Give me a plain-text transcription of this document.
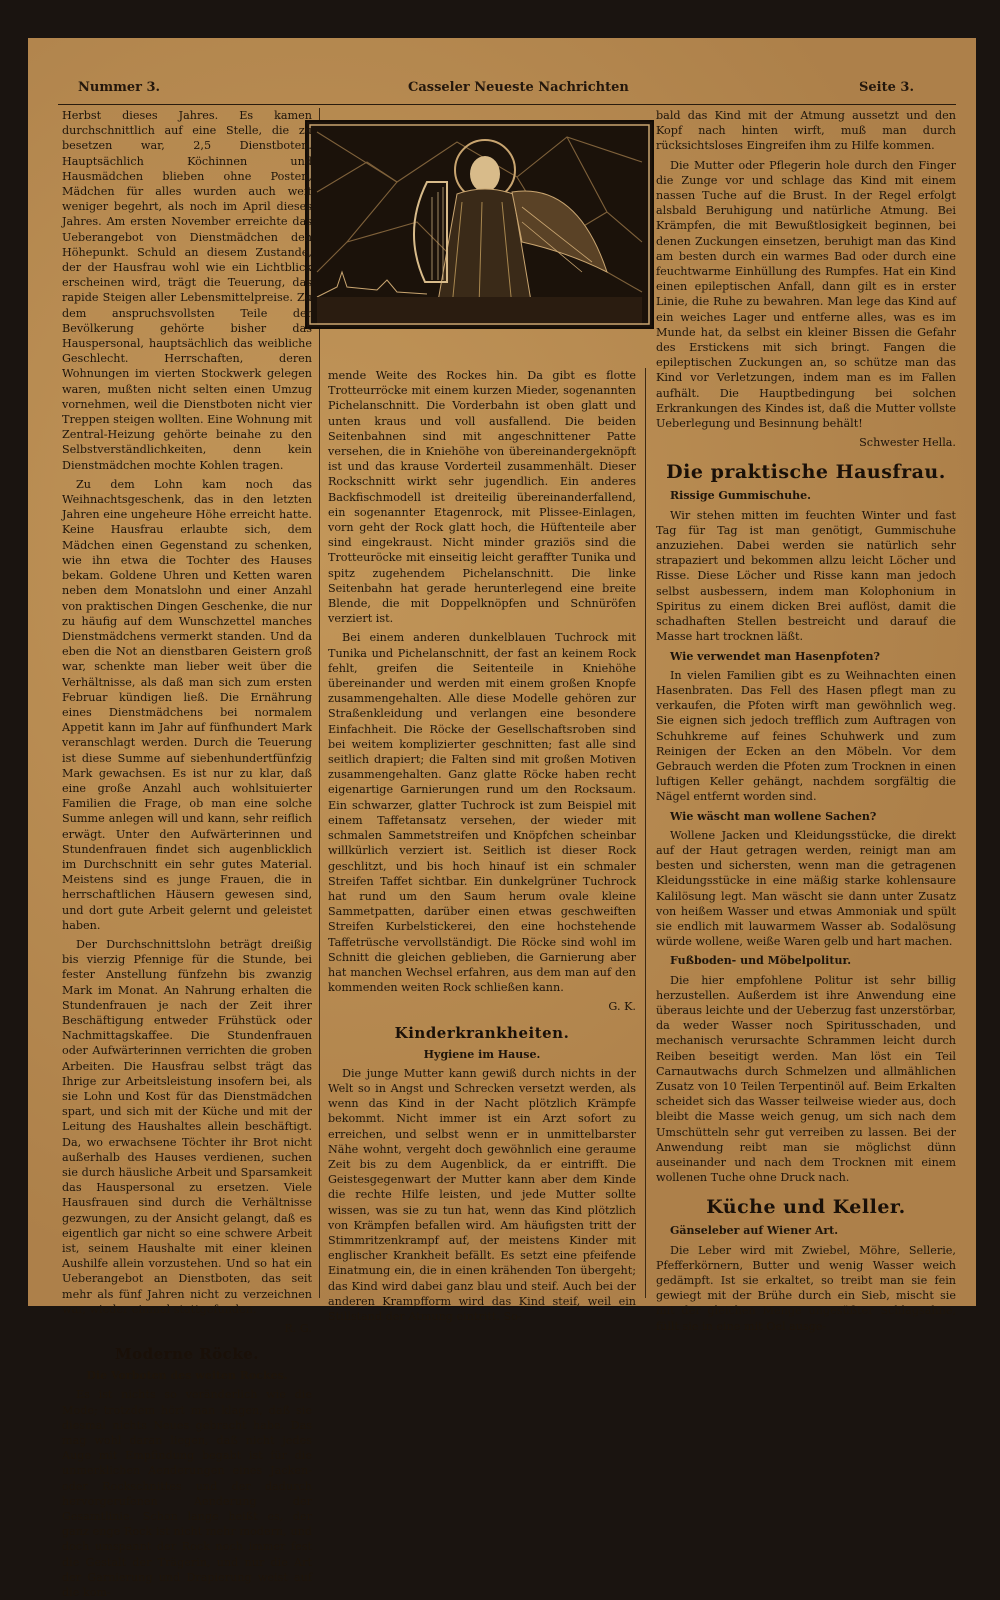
Nummer 3.	Casseler Neueste Nachrichten	Seite 3.

Herbst dieses Jahres. Es kamen durchschnittlich auf eine Stelle, die zu besetzen war, 2,5 Dienstboten. Hauptsächlich Köchinnen und Hausmädchen blieben ohne Posten, Mädchen für alles wurden auch weit weniger begehrt, als noch im April dieses Jahres. Am ersten November erreichte das Ueberangebot von Dienstmädchen den Höhepunkt. Schuld an diesem Zustande, der der Hausfrau wohl wie ein Lichtblick erscheinen wird, trägt die Teuerung, das rapide Steigen aller Lebensmittelpreise. Zu dem anspruchsvollsten Teile der Bevölkerung gehörte bisher das Hauspersonal, hauptsächlich das weibliche Geschlecht. Herrschaften, deren Wohnungen im vierten Stockwerk gelegen waren, mußten nicht selten einen Umzug vornehmen, weil die Dienstboten nicht vier Treppen steigen wollten. Eine Wohnung mit Zentral-Heizung gehörte beinahe zu den Selbstverständlichkeiten, denn kein Dienstmädchen mochte Kohlen tragen.

Zu dem Lohn kam noch das Weihnachtsgeschenk, das in den letzten Jahren eine ungeheure Höhe erreicht hatte. Keine Hausfrau erlaubte sich, dem Mädchen einen Gegenstand zu schenken, wie ihn etwa die Tochter des Hauses bekam. Goldene Uhren und Ketten waren neben dem Monatslohn und einer Anzahl von praktischen Dingen Geschenke, die nur zu häufig auf dem Wunschzettel manches Dienstmädchens vermerkt standen. Und da eben die Not an dienstbaren Geistern groß war, schenkte man lieber weit über die Verhältnisse, als daß man sich zum ersten Februar kündigen ließ. Die Ernährung eines Dienstmädchens bei normalem Appetit kann im Jahr auf fünfhundert Mark veranschlagt werden. Durch die Teuerung ist diese Summe auf siebenhundertfünfzig Mark gewachsen. Es ist nur zu klar, daß eine große Anzahl auch wohlsituierter Familien die Frage, ob man eine solche Summe anlegen will und kann, sehr reiflich erwägt. Unter den Aufwärterinnen und Stundenfrauen findet sich augenblicklich im Durchschnitt ein sehr gutes Material. Meistens sind es junge Frauen, die in herrschaftlichen Häusern gewesen sind, und dort gute Arbeit gelernt und geleistet haben.

Der Durchschnittslohn beträgt dreißig bis vierzig Pfennige für die Stunde, bei fester Anstellung fünfzehn bis zwanzig Mark im Monat. An Nahrung erhalten die Stundenfrauen je nach der Zeit ihrer Beschäftigung entweder Frühstück oder Nachmittagskaffee. Die Stundenfrauen oder Aufwärterinnen verrichten die groben Arbeiten. Die Hausfrau selbst trägt das Ihrige zur Arbeitsleistung insofern bei, als sie Lohn und Kost für das Dienstmädchen spart, und sich mit der Küche und mit der Leitung des Haushaltes allein beschäftigt. Da, wo erwachsene Töchter ihr Brot nicht außerhalb des Hauses verdienen, suchen sie durch häusliche Arbeit und Sparsamkeit das Hauspersonal zu ersetzen. Viele Hausfrauen sind durch die Verhältnisse gezwungen, zu der Ansicht gelangt, daß es eigentlich gar nicht so eine schwere Arbeit ist, seinem Haushalte mit einer kleinen Aushilfe allein vorzustehen. Und so hat ein Ueberangebot an Dienstboten, das seit mehr als fünf Jahren nicht zu verzeichnen war, wieder einmal stattgefunden.

R. G.

Moderne Röcke.
Die Vorboten des weiten Rockes.

Es ist nichts so veränderlich wie die Mode; trotzdem hört man klagen, daß sie diesmal nichts Neues gebracht habe. Das mag wohl daran liegen, daß nicht jedes Auge mit Empfindung begabt ist für die unmerklichen Aenderungen eines Jacken- oder Rockschnittes und der dadurch hervorgerufenen Aenderung der Gesamtlinie. Schon lange heißt es, der ganz enge Rock ist nicht mehr modern, und doch umspannt der Rock noch immer fest die Gestalt der Trägerin, und nur die Art der Garnierung und Drapierung weist auf die kom-

mende Weite des Rockes hin. Da gibt es flotte Trotteurröcke mit einem kurzen Mieder, sogenannten Pichelanschnitt. Die Vorderbahn ist oben glatt und unten kraus und voll ausfallend. Die beiden Seitenbahnen sind mit angeschnittener Patte versehen, die in Kniehöhe von übereinandergeknöpft ist und das krause Vorderteil zusammenhält. Dieser Rockschnitt wirkt sehr jugendlich. Ein anderes Backfischmodell ist dreiteilig übereinanderfallend, ein sogenannter Etagenrock, mit Plissee-Einlagen, vorn geht der Rock glatt hoch, die Hüftenteile aber sind eingekraust. Nicht minder graziös sind die Trotteuröcke mit einseitig leicht geraffter Tunika und spitz zugehendem Pichelanschnitt. Die linke Seitenbahn hat gerade herunterlegend eine breite Blende, die mit Doppelknöpfen und Schnüröfen verziert ist.

Bei einem anderen dunkelblauen Tuchrock mit Tunika und Pichelanschnitt, der fast an keinem Rock fehlt, greifen die Seitenteile in Kniehöhe übereinander und werden mit einem großen Knopfe zusammengehalten. Alle diese Modelle gehören zur Straßenkleidung und verlangen eine besondere Einfachheit. Die Röcke der Gesellschaftsroben sind bei weitem komplizierter geschnitten; fast alle sind seitlich drapiert; die Falten sind mit großen Motiven zusammengehalten. Ganz glatte Röcke haben recht eigenartige Garnierungen rund um den Rocksaum. Ein schwarzer, glatter Tuchrock ist zum Beispiel mit einem Taffetansatz versehen, der wieder mit schmalen Sammetstreifen und Knöpfchen scheinbar willkürlich verziert ist. Seitlich ist dieser Rock geschlitzt, und bis hoch hinauf ist ein schmaler Streifen Taffet sichtbar. Ein dunkelgrüner Tuchrock hat rund um den Saum herum ovale kleine Sammetpatten, darüber einen etwas geschweiften Streifen Kurbelstickerei, den eine hochstehende Taffetrüsche vervollständigt. Die Röcke sind wohl im Schnitt die gleichen geblieben, die Garnierung aber hat manchen Wechsel erfahren, aus dem man auf den kommenden weiten Rock schließen kann.

G. K.

Kinderkrankheiten.
Hygiene im Hause.

Die junge Mutter kann gewiß durch nichts in der Welt so in Angst und Schrecken versetzt werden, als wenn das Kind in der Nacht plötzlich Krämpfe bekommt. Nicht immer ist ein Arzt sofort zu erreichen, und selbst wenn er in unmittelbarster Nähe wohnt, vergeht doch gewöhnlich eine geraume Zeit bis zu dem Augenblick, da er eintrifft. Die Geistesgegenwart der Mutter kann aber dem Kinde die rechte Hilfe leisten, und jede Mutter sollte wissen, was sie zu tun hat, wenn das Kind plötzlich von Krämpfen befallen wird. Am häufigsten tritt der Stimmritzenkrampf auf, der meistens Kinder mit englischer Krankheit befällt. Es setzt eine pfeifende Einatmung ein, die in einen krähenden Ton übergeht; das Kind wird dabei ganz blau und steif. Auch bei der anderen Krampfform wird das Kind steif, weil ein Stillstand der Atmung eintritt. So-

bald das Kind mit der Atmung aussetzt und den Kopf nach hinten wirft, muß man durch rücksichtsloses Eingreifen ihm zu Hilfe kommen.

Die Mutter oder Pflegerin hole durch den Finger die Zunge vor und schlage das Kind mit einem nassen Tuche auf die Brust. In der Regel erfolgt alsbald Beruhigung und natürliche Atmung. Bei Krämpfen, die mit Bewußtlosigkeit beginnen, bei denen Zuckungen einsetzen, beruhigt man das Kind am besten durch ein warmes Bad oder durch eine feuchtwarme Einhüllung des Rumpfes. Hat ein Kind einen epileptischen Anfall, dann gilt es in erster Linie, die Ruhe zu bewahren. Man lege das Kind auf ein weiches Lager und entferne alles, was es im Munde hat, da selbst ein kleiner Bissen die Gefahr des Erstickens mit sich bringt. Fangen die epileptischen Zuckungen an, so schütze man das Kind vor Verletzungen, indem man es im Fallen aufhält. Die Hauptbedingung bei solchen Erkrankungen des Kindes ist, daß die Mutter vollste Ueberlegung und Besinnung behält!

Schwester Hella.

Die praktische Hausfrau.

Rissige Gummischuhe.

Wir stehen mitten im feuchten Winter und fast Tag für Tag ist man genötigt, Gummischuhe anzuziehen. Dabei werden sie natürlich sehr strapaziert und bekommen allzu leicht Löcher und Risse. Diese Löcher und Risse kann man jedoch selbst ausbessern, indem man Kolophonium in Spiritus zu einem dicken Brei auflöst, damit die schadhaften Stellen bestreicht und darauf die Masse hart trocknen läßt.

Wie verwendet man Hasenpfoten?

In vielen Familien gibt es zu Weihnachten einen Hasenbraten. Das Fell des Hasen pflegt man zu verkaufen, die Pfoten wirft man gewöhnlich weg. Sie eignen sich jedoch trefflich zum Auftragen von Schuhkreme auf feines Schuhwerk und zum Reinigen der Ecken an den Möbeln. Vor dem Gebrauch werden die Pfoten zum Trocknen in einen luftigen Keller gehängt, nachdem sorgfältig die Nägel entfernt worden sind.

Wie wäscht man wollene Sachen?

Wollene Jacken und Kleidungsstücke, die direkt auf der Haut getragen werden, reinigt man am besten und sichersten, wenn man die getragenen Kleidungsstücke in eine mäßig starke kohlensaure Kalilösung legt. Man wäscht sie dann unter Zusatz von heißem Wasser und etwas Ammoniak und spült sie endlich mit lauwarmem Wasser ab. Sodalösung würde wollene, weiße Waren gelb und hart machen.

Fußboden- und Möbelpolitur.

Die hier empfohlene Politur ist sehr billig herzustellen. Außerdem ist ihre Anwendung eine überaus leichte und der Ueberzug fast unzerstörbar, da weder Wasser noch Spiritusschaden, und mechanisch verursachte Schrammen leicht durch Reiben beseitigt werden. Man löst ein Teil Carnautwachs durch Schmelzen und allmählichen Zusatz von 10 Teilen Terpentinöl auf. Beim Erkalten scheidet sich das Wasser teilweise wieder aus, doch bleibt die Masse weich genug, um sich nach dem Umschütteln sehr gut verreiben zu lassen. Bei der Anwendung reibt man sie möglichst dünn auseinander und nach dem Trocknen mit einem wollenen Tuche ohne Druck nach.

Küche und Keller.

Gänseleber auf Wiener Art.

Die Leber wird mit Zwiebel, Möhre, Sellerie, Pfefferkörnern, Butter und wenig Wasser weich gedämpft. Ist sie erkaltet, so treibt man sie fein gewiegt mit der Brühe durch ein Sieb, mischt sie mit der gleichen Menge ungesüßter Schlagsahne, füllt sie in eine mit Oel ausge-
